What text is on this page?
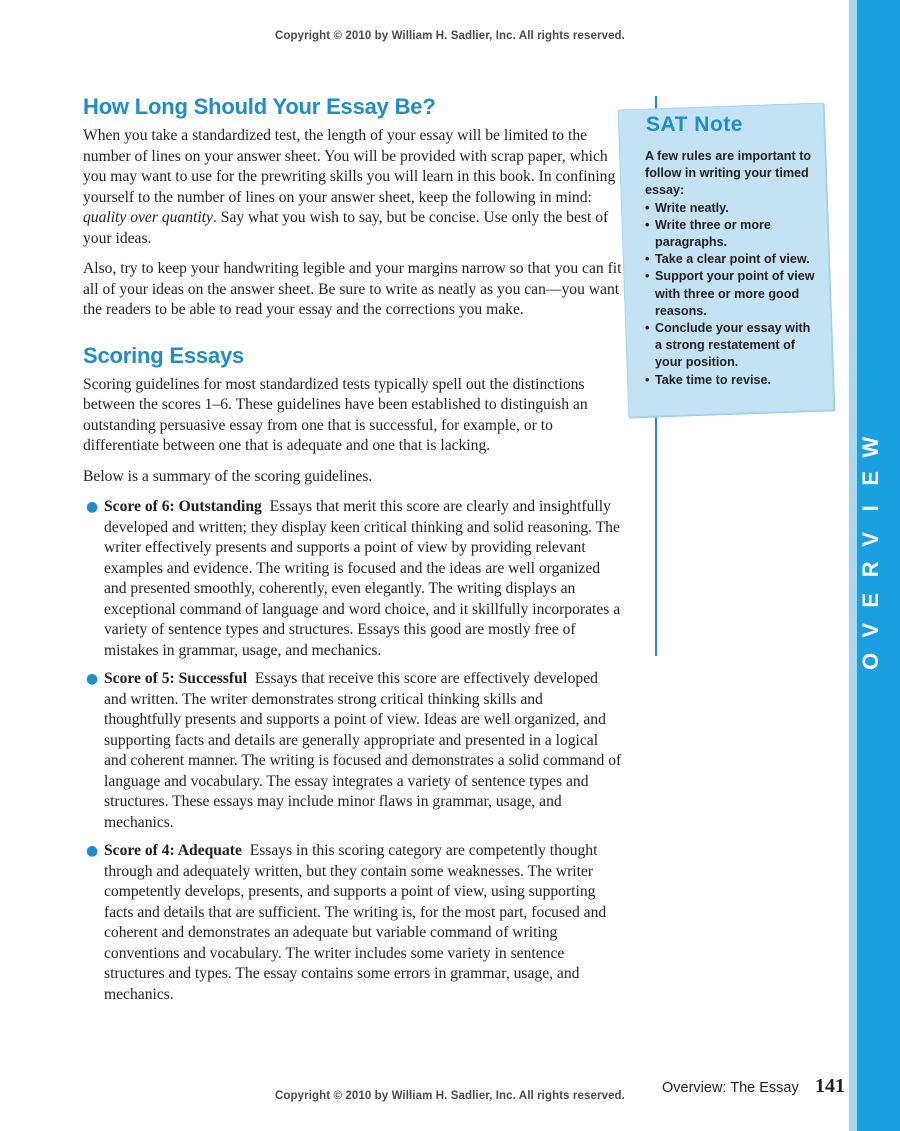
Copyright © 2010 by William H. Sadlier, Inc. All rights reserved.
How Long Should Your Essay Be?

When you take a standardized test, the length of your essay will be limited to the number of lines on your answer sheet. You will be provided with scrap paper, which you may want to use for the prewriting skills you will learn in this book. In confining yourself to the number of lines on your answer sheet, keep the following in mind: quality over quantity. Say what you wish to say, but be concise. Use only the best of your ideas.

Also, try to keep your handwriting legible and your margins narrow so that you can fit all of your ideas on the answer sheet. Be sure to write as neatly as you can—you want the readers to be able to read your essay and the corrections you make.

Scoring Essays

Scoring guidelines for most standardized tests typically spell out the distinctions between the scores 1–6. These guidelines have been established to distinguish an outstanding persuasive essay from one that is successful, for example, or to differentiate between one that is adequate and one that is lacking.

Below is a summary of the scoring guidelines.

● Score of 6: Outstanding Essays that merit this score are clearly and insightfully developed and written; they display keen critical thinking and solid reasoning. The writer effectively presents and supports a point of view by providing relevant examples and evidence. The writing is focused and the ideas are well organized and presented smoothly, coherently, even elegantly. The writing displays an exceptional command of language and word choice, and it skillfully incorporates a variety of sentence types and structures. Essays this good are mostly free of mistakes in grammar, usage, and mechanics.
● Score of 5: Successful Essays that receive this score are effectively developed and written. The writer demonstrates strong critical thinking skills and thoughtfully presents and supports a point of view. Ideas are well organized, and supporting facts and details are generally appropriate and presented in a logical and coherent manner. The writing is focused and demonstrates a solid command of language and vocabulary. The essay integrates a variety of sentence types and structures. These essays may include minor flaws in grammar, usage, and mechanics.
● Score of 4: Adequate Essays in this scoring category are competently thought through and adequately written, but they contain some weaknesses. The writer competently develops, presents, and supports a point of view, using supporting facts and details that are sufficient. The writing is, for the most part, focused and coherent and demonstrates an adequate but variable command of writing conventions and vocabulary. The writer includes some variety in sentence structures and types. The essay contains some errors in grammar, usage, and mechanics.
SAT Note
A few rules are important to follow in writing your timed essay:
• Write neatly.
• Write three or more paragraphs.
• Take a clear point of view.
• Support your point of view with three or more good reasons.
• Conclude your essay with a strong restatement of your position.
• Take time to revise.
W
E
I
V
R
E
V
O
Overview: The Essay 141
Copyright © 2010 by William H. Sadlier, Inc. All rights reserved.
